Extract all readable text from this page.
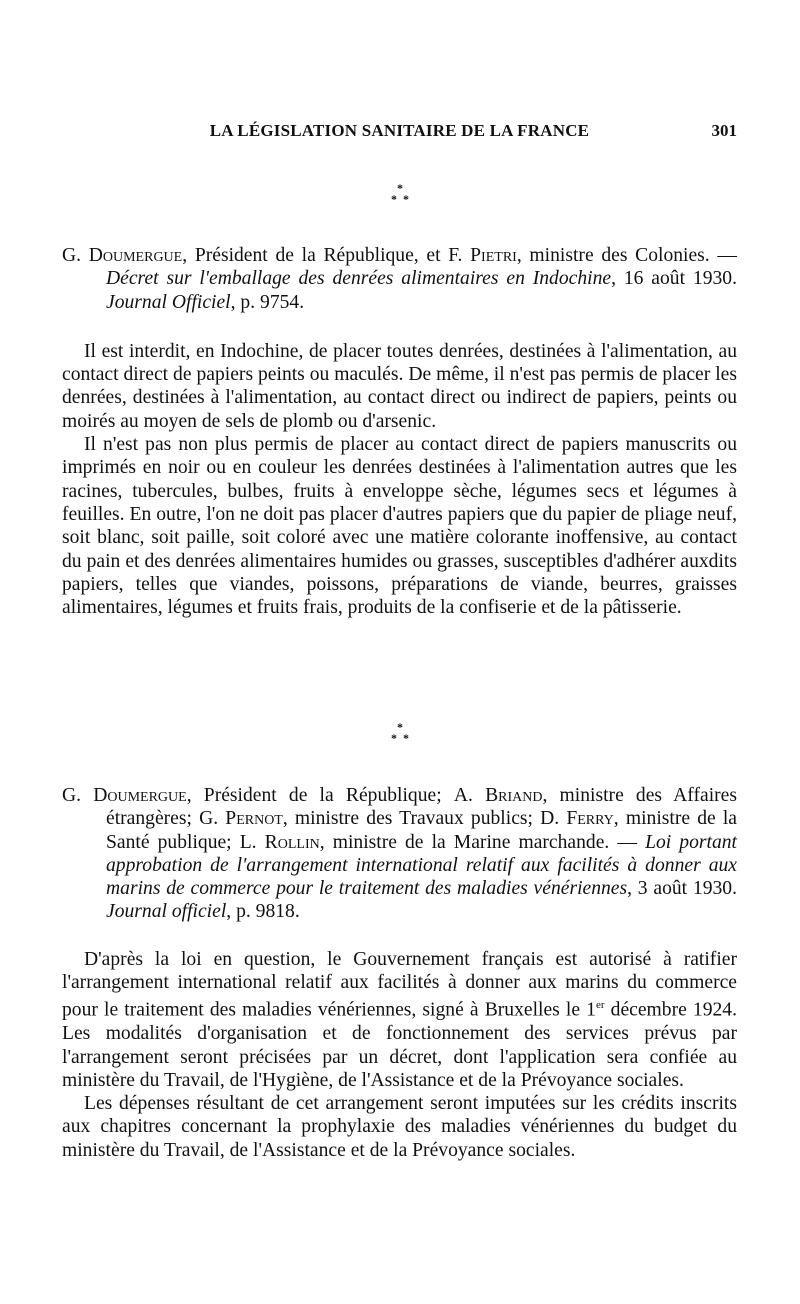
LA LÉGISLATION SANITAIRE DE LA FRANCE	301
*
* *

G. Doumergue, Président de la République, et F. Pietri, ministre des Colonies. — Décret sur l'emballage des denrées alimentaires en Indochine, 16 août 1930. Journal Officiel, p. 9754.

Il est interdit, en Indochine, de placer toutes denrées, destinées à l'alimentation, au contact direct de papiers peints ou maculés. De même, il n'est pas permis de placer les denrées, destinées à l'alimentation, au contact direct ou indirect de papiers, peints ou moirés au moyen de sels de plomb ou d'arsenic.

Il n'est pas non plus permis de placer au contact direct de papiers manuscrits ou imprimés en noir ou en couleur les denrées destinées à l'alimentation autres que les racines, tubercules, bulbes, fruits à enveloppe sèche, légumes secs et légumes à feuilles. En outre, l'on ne doit pas placer d'autres papiers que du papier de pliage neuf, soit blanc, soit paille, soit coloré avec une matière colorante inoffensive, au contact du pain et des denrées alimentaires humides ou grasses, susceptibles d'adhérer auxdits papiers, telles que viandes, poissons, préparations de viande, beurres, graisses alimentaires, légumes et fruits frais, produits de la confiserie et de la pâtisserie.

*
* *

G. Doumergue, Président de la République; A. Briand, ministre des Affaires étrangères; G. Pernot, ministre des Travaux publics; D. Ferry, ministre de la Santé publique; L. Rollin, ministre de la Marine marchande. — Loi portant approbation de l'arrangement international relatif aux facilités à donner aux marins de commerce pour le traitement des maladies vénériennes, 3 août 1930. Journal officiel, p. 9818.

D'après la loi en question, le Gouvernement français est autorisé à ratifier l'arrangement international relatif aux facilités à donner aux marins du commerce pour le traitement des maladies vénériennes, signé à Bruxelles le 1er décembre 1924. Les modalités d'organisation et de fonctionnement des services prévus par l'arrangement seront précisées par un décret, dont l'application sera confiée au ministère du Travail, de l'Hygiène, de l'Assistance et de la Prévoyance sociales.

Les dépenses résultant de cet arrangement seront imputées sur les crédits inscrits aux chapitres concernant la prophylaxie des maladies vénériennes du budget du ministère du Travail, de l'Assistance et de la Prévoyance sociales.
